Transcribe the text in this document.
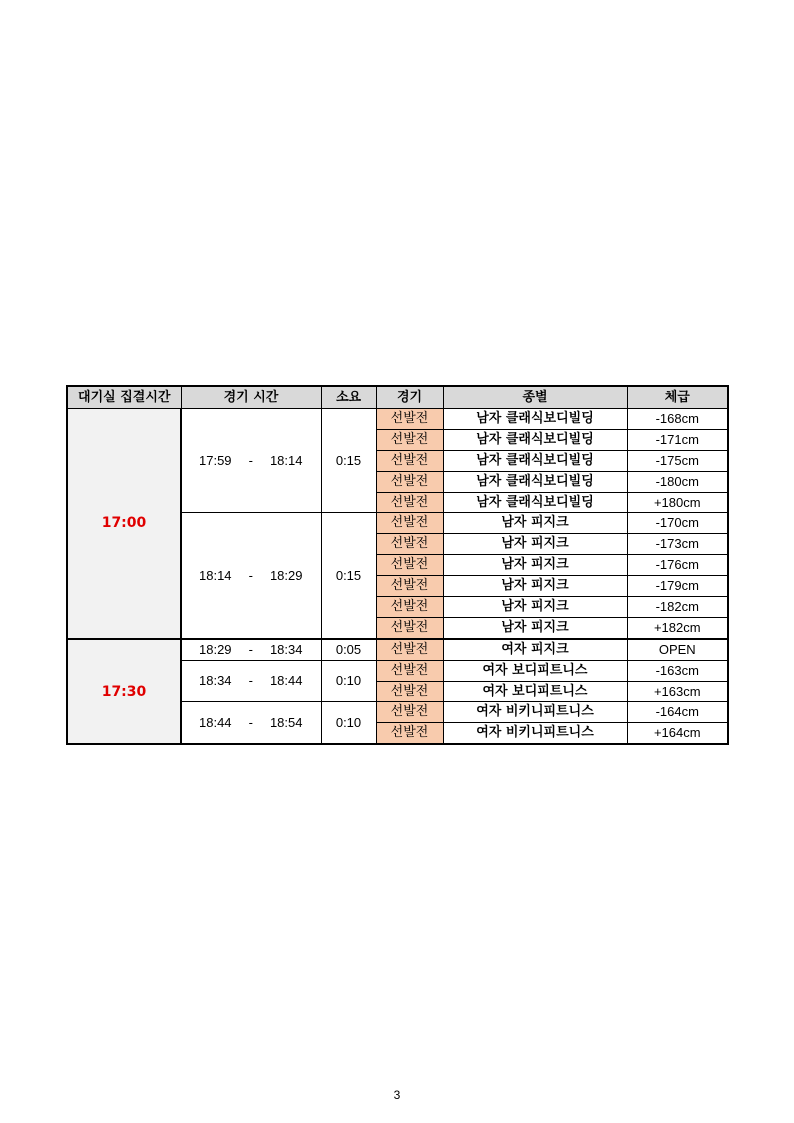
대기실 집결시간	경기 시간	소요	경기	종별	체급
17:00	17:59 - 18:14	0:15	선발전	남자 클래식보디빌딩	-168cm
			선발전	남자 클래식보디빌딩	-171cm
			선발전	남자 클래식보디빌딩	-175cm
			선발전	남자 클래식보디빌딩	-180cm
			선발전	남자 클래식보디빌딩	+180cm

	18:14 - 18:29	0:15	선발전	남자 피지크	-170cm
			선발전	남자 피지크	-173cm
			선발전	남자 피지크	-176cm
			선발전	남자 피지크	-179cm
			선발전	남자 피지크	-182cm
			선발전	남자 피지크	+182cm
17:30	18:29 - 18:34	0:05	선발전	여자 피지크	OPEN

	18:34 - 18:44	0:10	선발전	여자 보디피트니스	-163cm
			선발전	여자 보디피트니스	+163cm

	18:44 - 18:54	0:10	선발전	여자 비키니피트니스	-164cm
			선발전	여자 비키니피트니스	+164cm
3
